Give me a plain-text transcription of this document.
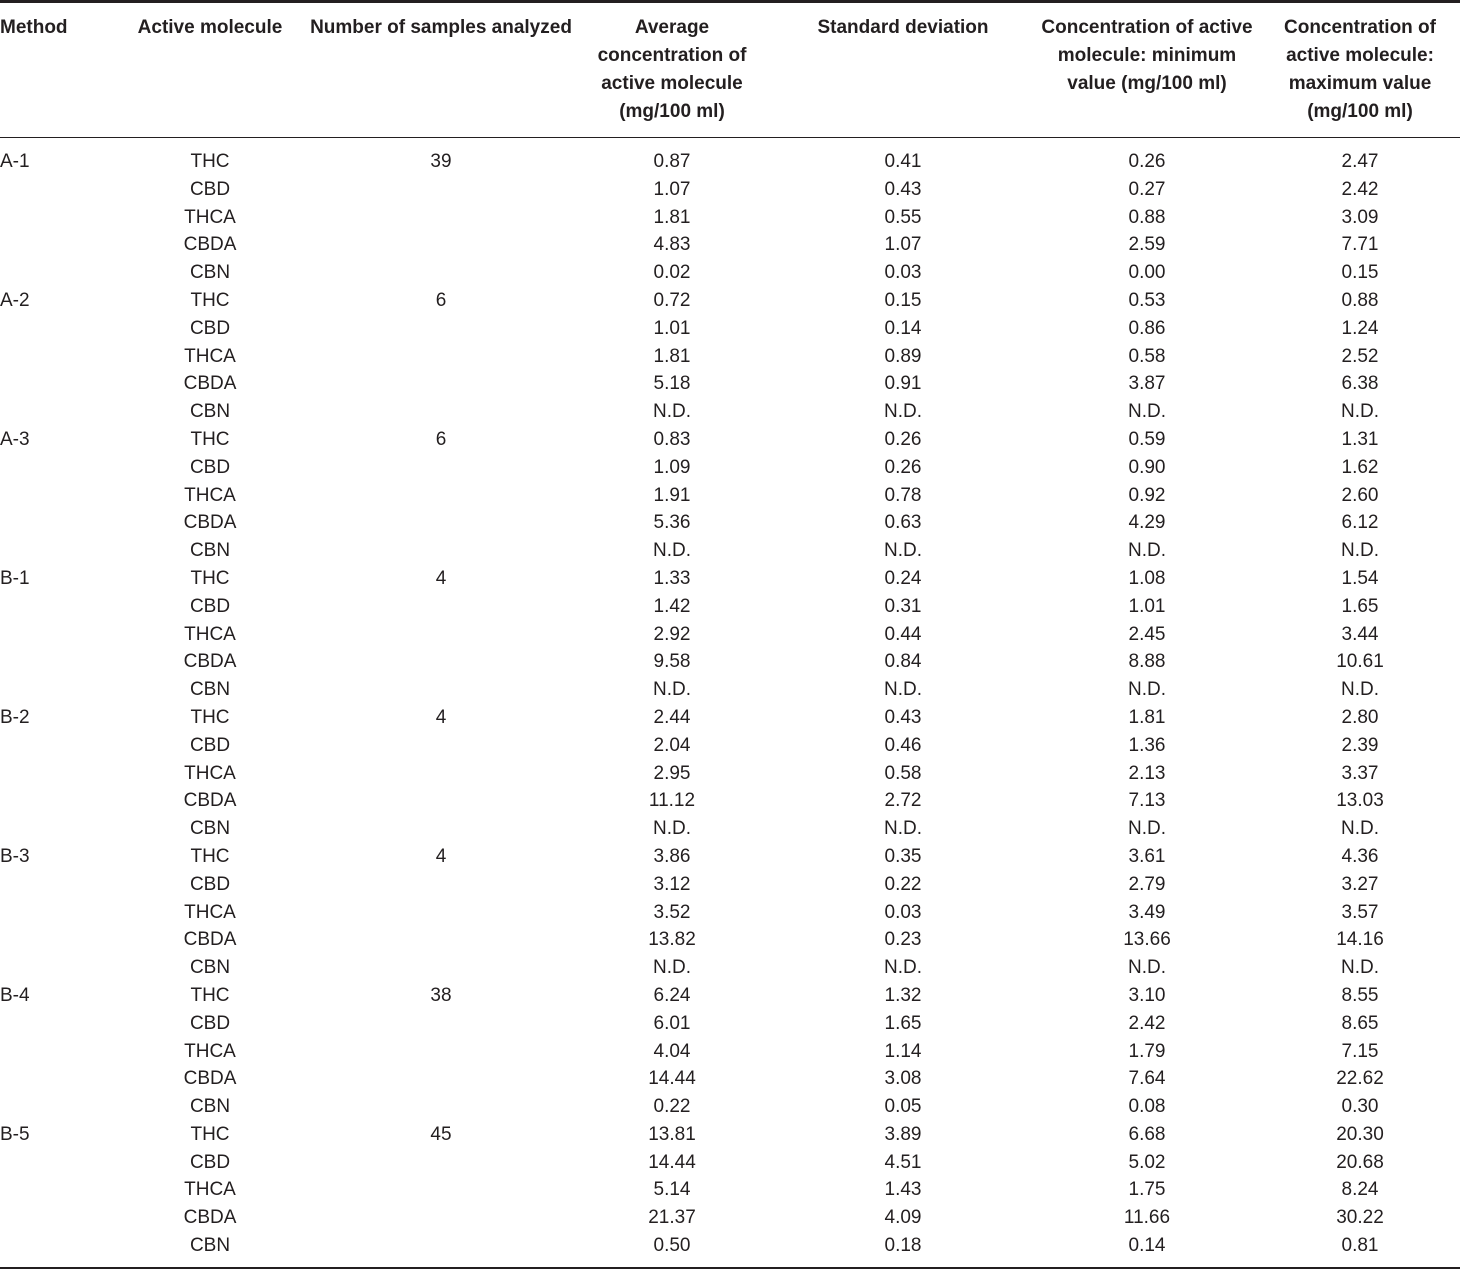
Method	Active molecule	Number of samples analyzed	Average concentration of active molecule (mg/100 ml)	Standard deviation	Concentration of active molecule: minimum value (mg/100 ml)	Concentration of active molecule: maximum value (mg/100 ml)
A-1	THC	39	0.87	0.41	0.26	2.47
	CBD		1.07	0.43	0.27	2.42
	THCA		1.81	0.55	0.88	3.09
	CBDA		4.83	1.07	2.59	7.71
	CBN		0.02	0.03	0.00	0.15
A-2	THC	6	0.72	0.15	0.53	0.88
	CBD		1.01	0.14	0.86	1.24
	THCA		1.81	0.89	0.58	2.52
	CBDA		5.18	0.91	3.87	6.38
	CBN		N.D.	N.D.	N.D.	N.D.
A-3	THC	6	0.83	0.26	0.59	1.31
	CBD		1.09	0.26	0.90	1.62
	THCA		1.91	0.78	0.92	2.60
	CBDA		5.36	0.63	4.29	6.12
	CBN		N.D.	N.D.	N.D.	N.D.
B-1	THC	4	1.33	0.24	1.08	1.54
	CBD		1.42	0.31	1.01	1.65
	THCA		2.92	0.44	2.45	3.44
	CBDA		9.58	0.84	8.88	10.61
	CBN		N.D.	N.D.	N.D.	N.D.
B-2	THC	4	2.44	0.43	1.81	2.80
	CBD		2.04	0.46	1.36	2.39
	THCA		2.95	0.58	2.13	3.37
	CBDA		11.12	2.72	7.13	13.03
	CBN		N.D.	N.D.	N.D.	N.D.
B-3	THC	4	3.86	0.35	3.61	4.36
	CBD		3.12	0.22	2.79	3.27
	THCA		3.52	0.03	3.49	3.57
	CBDA		13.82	0.23	13.66	14.16
	CBN		N.D.	N.D.	N.D.	N.D.
B-4	THC	38	6.24	1.32	3.10	8.55
	CBD		6.01	1.65	2.42	8.65
	THCA		4.04	1.14	1.79	7.15
	CBDA		14.44	3.08	7.64	22.62
	CBN		0.22	0.05	0.08	0.30
B-5	THC	45	13.81	3.89	6.68	20.30
	CBD		14.44	4.51	5.02	20.68
	THCA		5.14	1.43	1.75	8.24
	CBDA		21.37	4.09	11.66	30.22
	CBN		0.50	0.18	0.14	0.81
